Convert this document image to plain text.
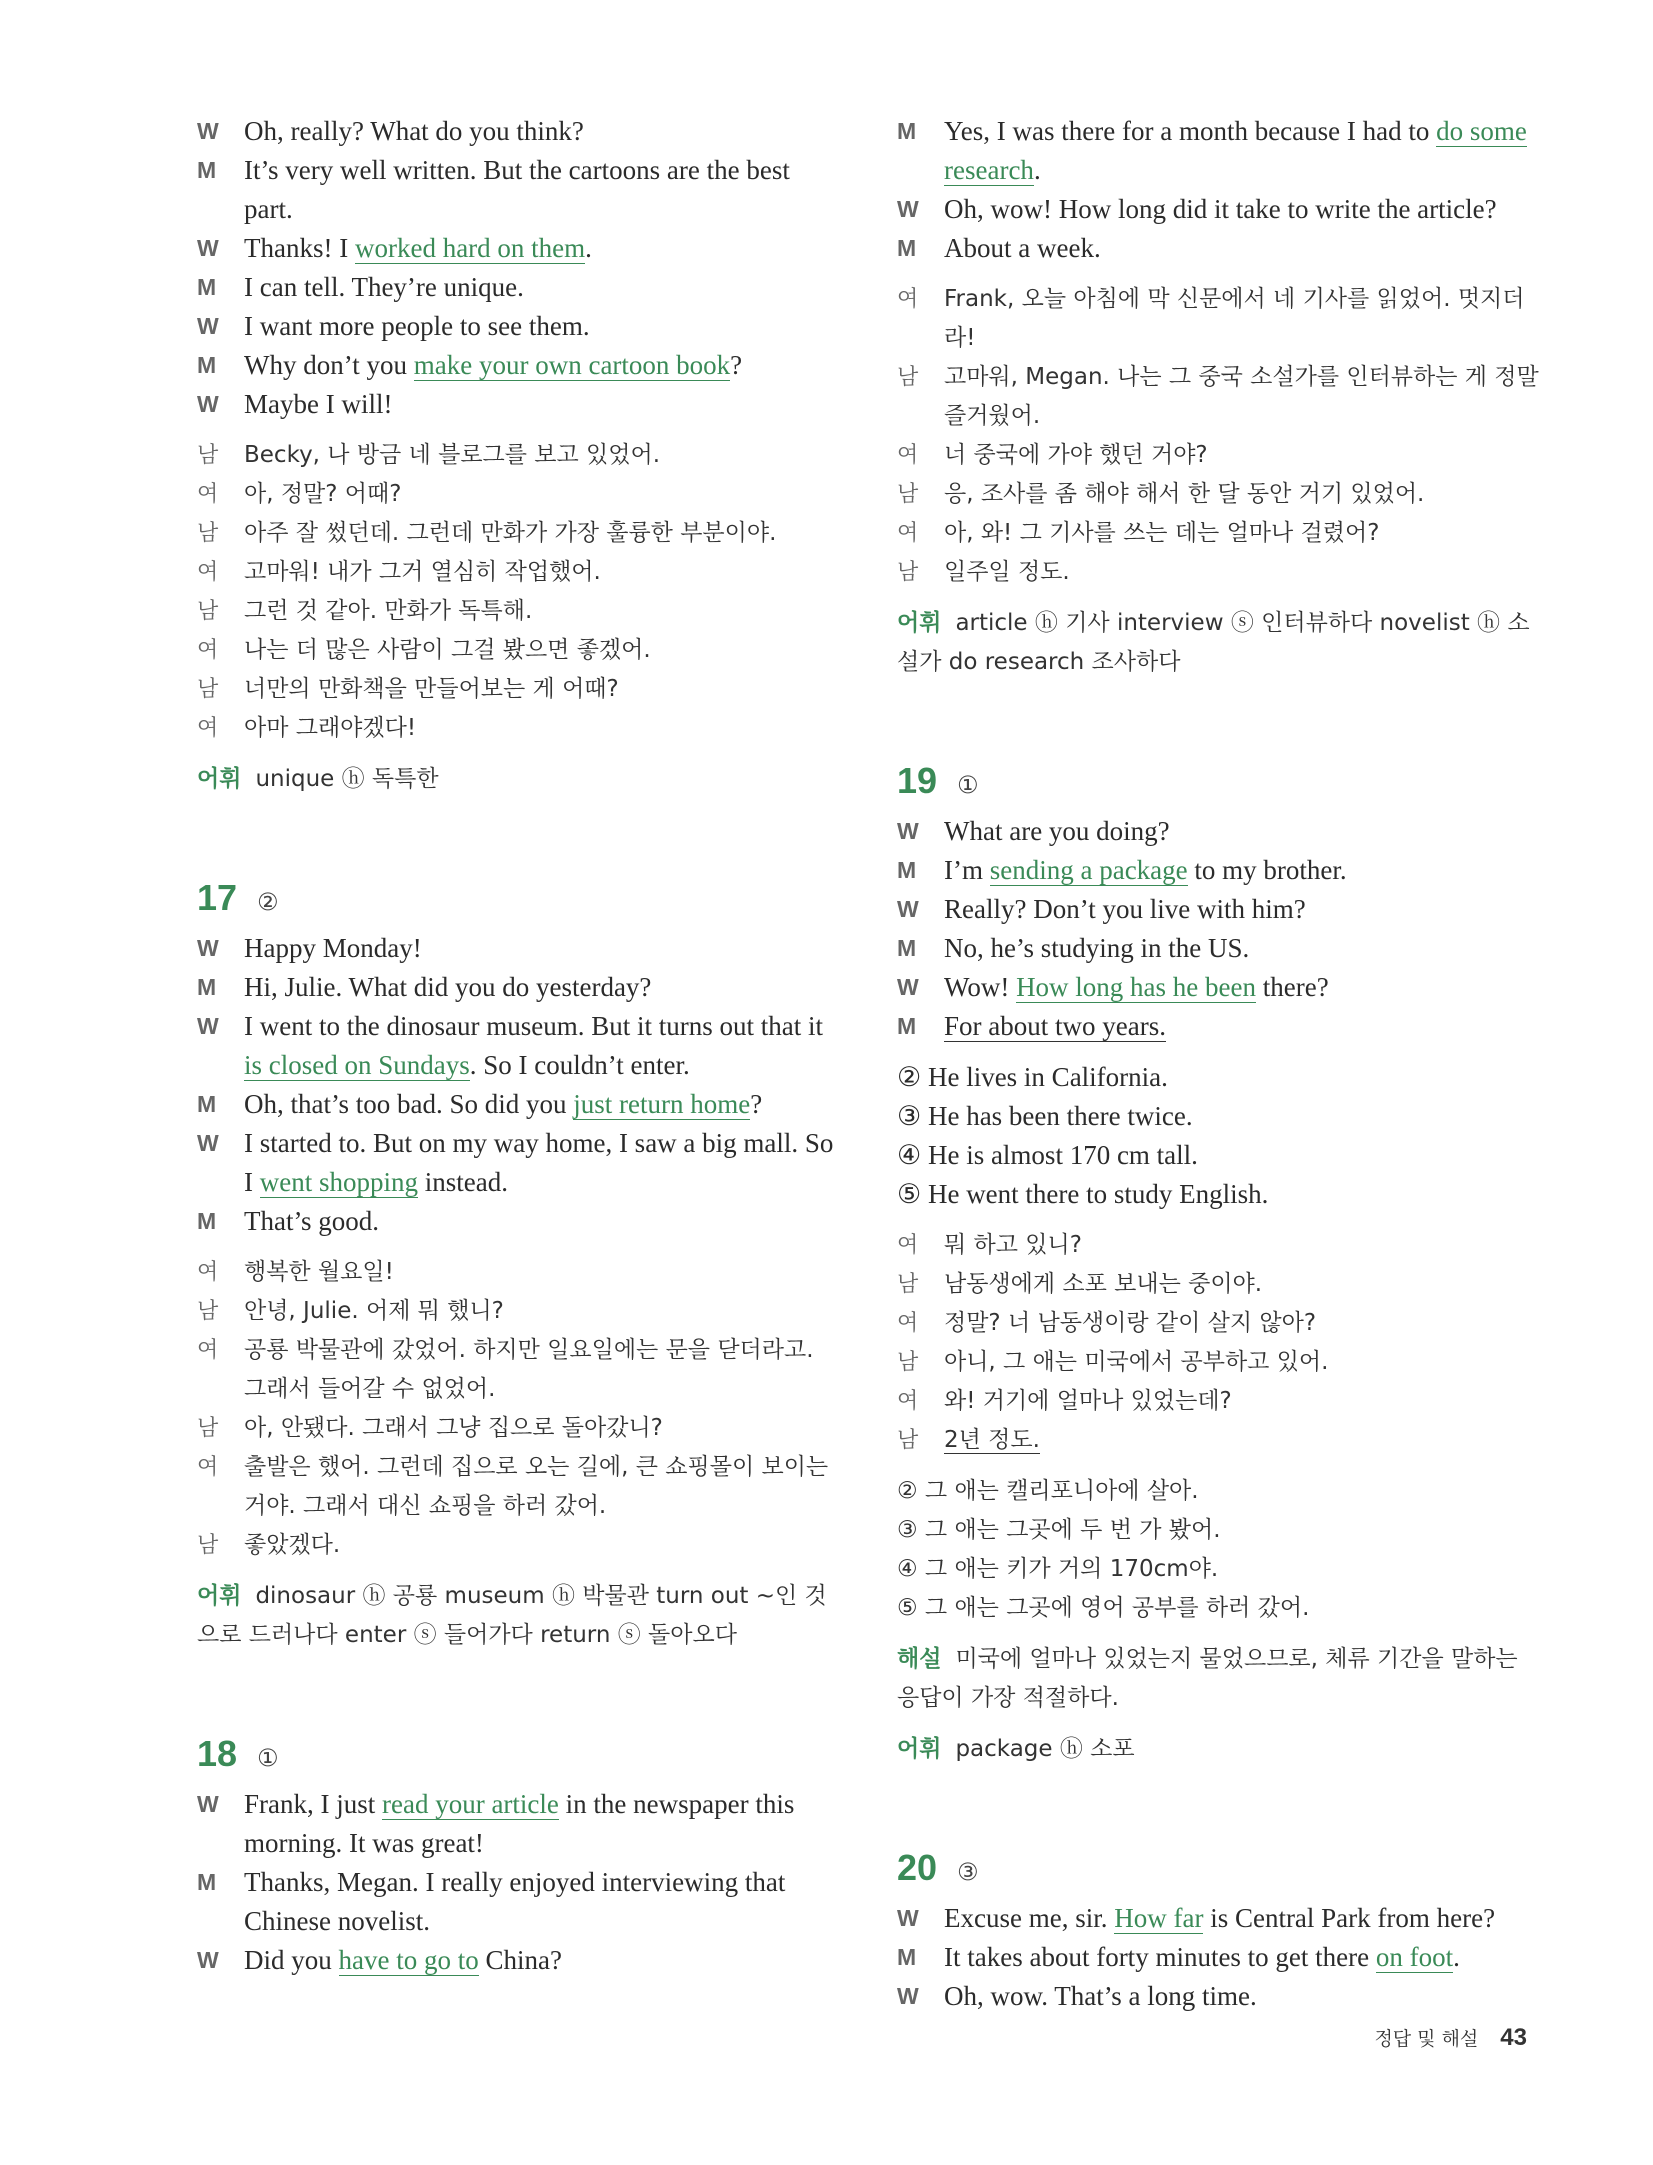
W Oh, really? What do you think?
M	It’s very well written. But the cartoons are the best part.
W Thanks! I worked hard on them.
M	I can tell. They’re unique.
W I want more people to see them.
M	Why don’t you make your own cartoon book?
W Maybe I will!
남	Becky, 나 방금 네 블로그를 보고 있었어.
여	아, 정말? 어때?
남	아주 잘 썼던데. 그런데 만화가 가장 훌륭한 부분이야.
여	고마워! 내가 그거 열심히 작업했어.
남	그런 것 같아. 만화가 독특해.
여	나는 더 많은 사람이 그걸 봤으면 좋겠어.
남	너만의 만화책을 만들어보는 게 어때?
여	아마 그래야겠다!
어휘 unique ⓗ 독특한
17 ②
W Happy Monday!
M	Hi, Julie. What did you do yesterday?
W I went to the dinosaur museum. But it turns out that it is closed on Sundays. So I couldn’t enter.
M	Oh, that’s too bad. So did you just return home?
W I started to. But on my way home, I saw a big mall. So I went shopping instead.
M	That’s good.
여	행복한 월요일!
남	안녕, Julie. 어제 뭐 했니?
여	공룡 박물관에 갔었어. 하지만 일요일에는 문을 닫더라고. 그래서 들어갈 수 없었어.
남	아, 안됐다. 그래서 그냥 집으로 돌아갔니?
여	출발은 했어. 그런데 집으로 오는 길에, 큰 쇼핑몰이 보이는 거야. 그래서 대신 쇼핑을 하러 갔어.
남	좋았겠다.
어휘 dinosaur ⓗ 공룡 museum ⓗ 박물관 turn out ~인 것으로 드러나다 enter ⓢ 들어가다 return ⓢ 돌아오다
18 ①
W Frank, I just read your article in the newspaper this morning. It was great!
M	Thanks, Megan. I really enjoyed interviewing that Chinese novelist.
W Did you have to go to China?
M	Yes, I was there for a month because I had to do some research.
W Oh, wow! How long did it take to write the article?
M	About a week.
여	Frank, 오늘 아침에 막 신문에서 네 기사를 읽었어. 멋지더라!
남	고마워, Megan. 나는 그 중국 소설가를 인터뷰하는 게 정말 즐거웠어.
여	너 중국에 가야 했던 거야?
남	응, 조사를 좀 해야 해서 한 달 동안 거기 있었어.
여	아, 와! 그 기사를 쓰는 데는 얼마나 걸렸어?
남	일주일 정도.
어휘 article ⓗ 기사 interview ⓢ 인터뷰하다 novelist ⓗ 소설가 do research 조사하다
19 ①
W What are you doing?
M	I’m sending a package to my brother.
W Really? Don’t you live with him?
M	No, he’s studying in the US.
W Wow! How long has he been there?
M	For about two years.
② He lives in California.
③ He has been there twice.
④ He is almost 170 cm tall.
⑤ He went there to study English.
여	뭐 하고 있니?
남	남동생에게 소포 보내는 중이야.
여	정말? 너 남동생이랑 같이 살지 않아?
남	아니, 그 애는 미국에서 공부하고 있어.
여	와! 거기에 얼마나 있었는데?
남	2년 정도.
② 그 애는 캘리포니아에 살아.
③ 그 애는 그곳에 두 번 가 봤어.
④ 그 애는 키가 거의 170cm야.
⑤ 그 애는 그곳에 영어 공부를 하러 갔어.
해설 미국에 얼마나 있었는지 물었으므로, 체류 기간을 말하는 응답이 가장 적절하다.
어휘 package ⓗ 소포
20 ③
W Excuse me, sir. How far is Central Park from here?
M	It takes about forty minutes to get there on foot.
W Oh, wow. That’s a long time.
정답 및 해설 43
